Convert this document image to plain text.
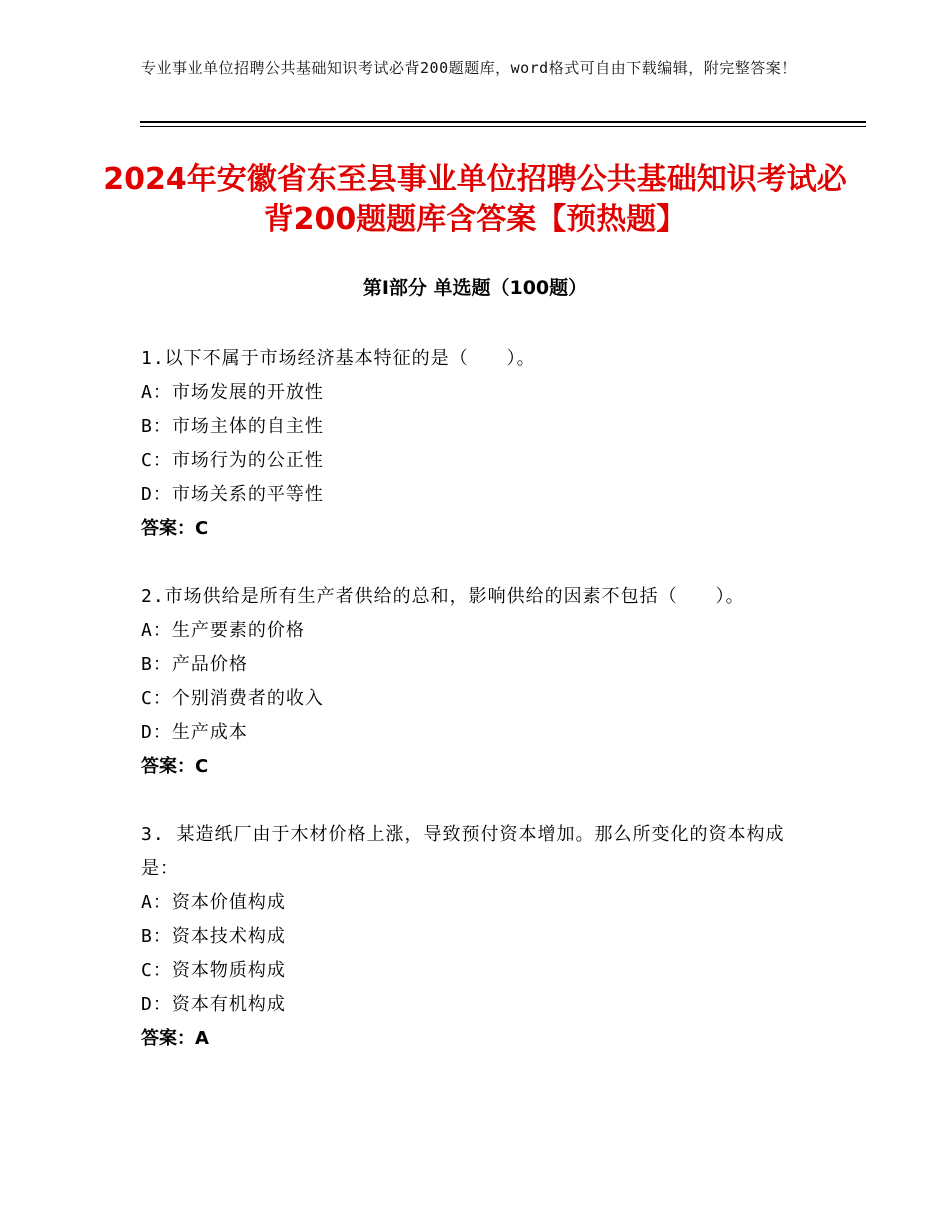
专业事业单位招聘公共基础知识考试必背200题题库，word格式可自由下载编辑，附完整答案！
2024年安徽省东至县事业单位招聘公共基础知识考试必背200题题库含答案【预热题】
第Ⅰ部分 单选题（100题）
1.以下不属于市场经济基本特征的是（　　）。
A：市场发展的开放性
B：市场主体的自主性
C：市场行为的公正性
D：市场关系的平等性
答案：C
2.市场供给是所有生产者供给的总和，影响供给的因素不包括（　　）。
A：生产要素的价格
B：产品价格
C：个别消费者的收入
D：生产成本
答案：C
3. 某造纸厂由于木材价格上涨，导致预付资本增加。那么所变化的资本构成是：
A：资本价值构成
B：资本技术构成
C：资本物质构成
D：资本有机构成
答案：A
